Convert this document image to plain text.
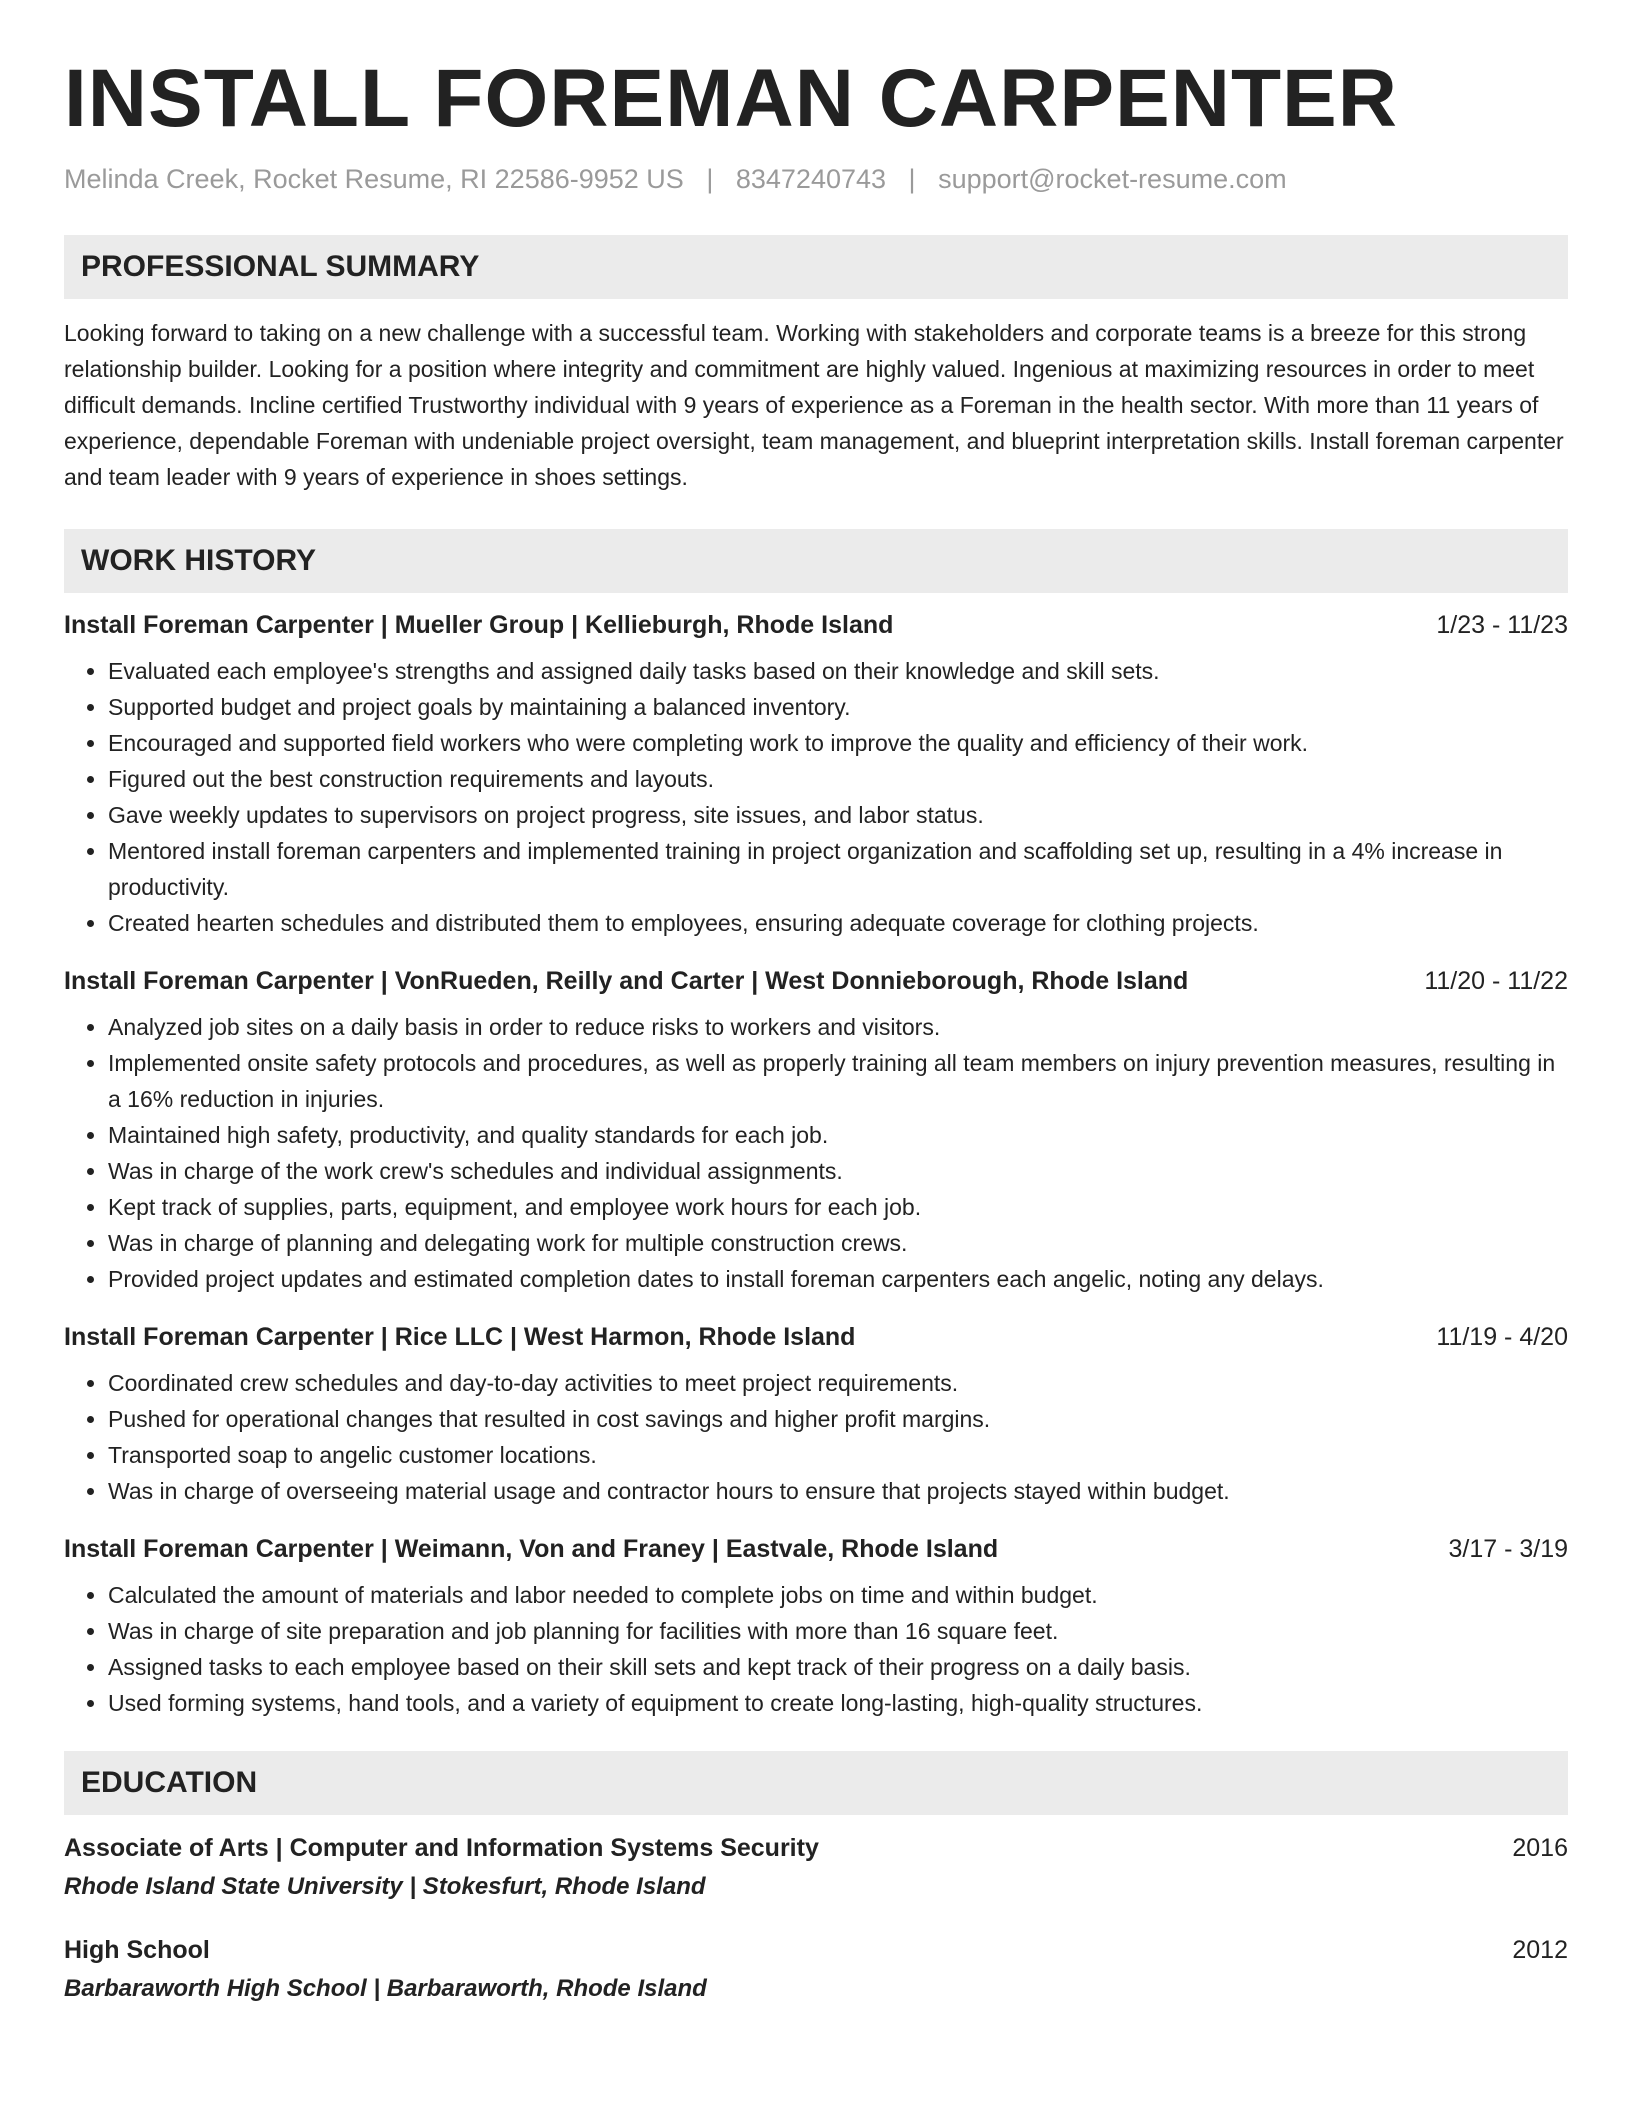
INSTALL FOREMAN CARPENTER
Melinda Creek, Rocket Resume, RI 22586-9952 US | 8347240743 | support@rocket-resume.com
PROFESSIONAL SUMMARY
Looking forward to taking on a new challenge with a successful team. Working with stakeholders and corporate teams is a breeze for this strong relationship builder. Looking for a position where integrity and commitment are highly valued. Ingenious at maximizing resources in order to meet difficult demands. Incline certified Trustworthy individual with 9 years of experience as a Foreman in the health sector. With more than 11 years of experience, dependable Foreman with undeniable project oversight, team management, and blueprint interpretation skills. Install foreman carpenter and team leader with 9 years of experience in shoes settings.
WORK HISTORY
Install Foreman Carpenter | Mueller Group | Kellieburgh, Rhode Island	1/23 - 11/23
• Evaluated each employee's strengths and assigned daily tasks based on their knowledge and skill sets.
• Supported budget and project goals by maintaining a balanced inventory.
• Encouraged and supported field workers who were completing work to improve the quality and efficiency of their work.
• Figured out the best construction requirements and layouts.
• Gave weekly updates to supervisors on project progress, site issues, and labor status.
• Mentored install foreman carpenters and implemented training in project organization and scaffolding set up, resulting in a 4% increase in productivity.
• Created hearten schedules and distributed them to employees, ensuring adequate coverage for clothing projects.
Install Foreman Carpenter | VonRueden, Reilly and Carter | West Donnieborough, Rhode Island	11/20 - 11/22
• Analyzed job sites on a daily basis in order to reduce risks to workers and visitors.
• Implemented onsite safety protocols and procedures, as well as properly training all team members on injury prevention measures, resulting in a 16% reduction in injuries.
• Maintained high safety, productivity, and quality standards for each job.
• Was in charge of the work crew's schedules and individual assignments.
• Kept track of supplies, parts, equipment, and employee work hours for each job.
• Was in charge of planning and delegating work for multiple construction crews.
• Provided project updates and estimated completion dates to install foreman carpenters each angelic, noting any delays.
Install Foreman Carpenter | Rice LLC | West Harmon, Rhode Island	11/19 - 4/20
• Coordinated crew schedules and day-to-day activities to meet project requirements.
• Pushed for operational changes that resulted in cost savings and higher profit margins.
• Transported soap to angelic customer locations.
• Was in charge of overseeing material usage and contractor hours to ensure that projects stayed within budget.
Install Foreman Carpenter | Weimann, Von and Franey | Eastvale, Rhode Island	3/17 - 3/19
• Calculated the amount of materials and labor needed to complete jobs on time and within budget.
• Was in charge of site preparation and job planning for facilities with more than 16 square feet.
• Assigned tasks to each employee based on their skill sets and kept track of their progress on a daily basis.
• Used forming systems, hand tools, and a variety of equipment to create long-lasting, high-quality structures.
EDUCATION
Associate of Arts | Computer and Information Systems Security	2016
Rhode Island State University | Stokesfurt, Rhode Island
High School	2012
Barbaraworth High School | Barbaraworth, Rhode Island
